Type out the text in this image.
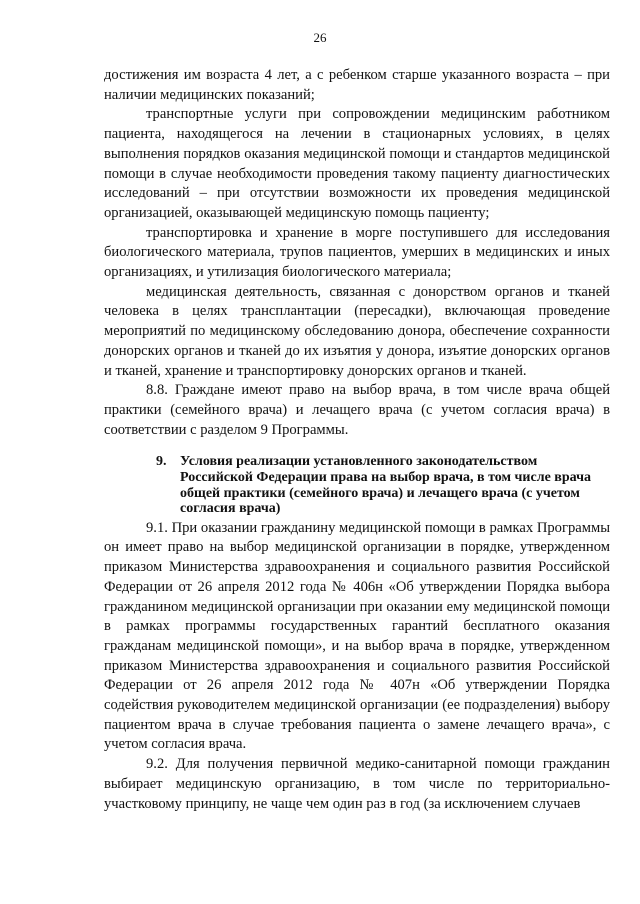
26

достижения им возраста 4 лет, а с ребенком старше указанного возраста – при наличии медицинских показаний;

транспортные услуги при сопровождении медицинским работником пациента, находящегося на лечении в стационарных условиях, в целях выполнения порядков оказания медицинской помощи и стандартов медицинской помощи в случае необходимости проведения такому пациенту диагностических исследований – при отсутствии возможности их проведения медицинской организацией, оказывающей медицинскую помощь пациенту;

транспортировка и хранение в морге поступившего для исследования биологического материала, трупов пациентов, умерших в медицинских и иных организациях, и утилизация биологического материала;

медицинская деятельность, связанная с донорством органов и тканей человека в целях трансплантации (пересадки), включающая проведение мероприятий по медицинскому обследованию донора, обеспечение сохранности донорских органов и тканей до их изъятия у донора, изъятие донорских органов и тканей, хранение и транспортировку донорских органов и тканей.

8.8. Граждане имеют право на выбор врача, в том числе врача общей практики (семейного врача) и лечащего врача (с учетом согласия врача) в соответствии с разделом 9 Программы.

9. Условия реализации установленного законодательством Российской Федерации права на выбор врача, в том числе врача общей практики (семейного врача) и лечащего врача (с учетом согласия врача)

9.1. При оказании гражданину медицинской помощи в рамках Программы он имеет право на выбор медицинской организации в порядке, утвержденном приказом Министерства здравоохранения и социального развития Российской Федерации от 26 апреля 2012 года № 406н «Об утверждении Порядка выбора гражданином медицинской организации при оказании ему медицинской помощи в рамках программы государственных гарантий бесплатного оказания гражданам медицинской помощи», и на выбор врача в порядке, утвержденном приказом Министерства здравоохранения и социального развития Российской Федерации от 26 апреля 2012 года № 407н «Об утверждении Порядка содействия руководителем медицинской организации (ее подразделения) выбору пациентом врача в случае требования пациента о замене лечащего врача», с учетом согласия врача.

9.2. Для получения первичной медико-санитарной помощи гражданин выбирает медицинскую организацию, в том числе по территориально-участковому принципу, не чаще чем один раз в год (за исключением случаев
